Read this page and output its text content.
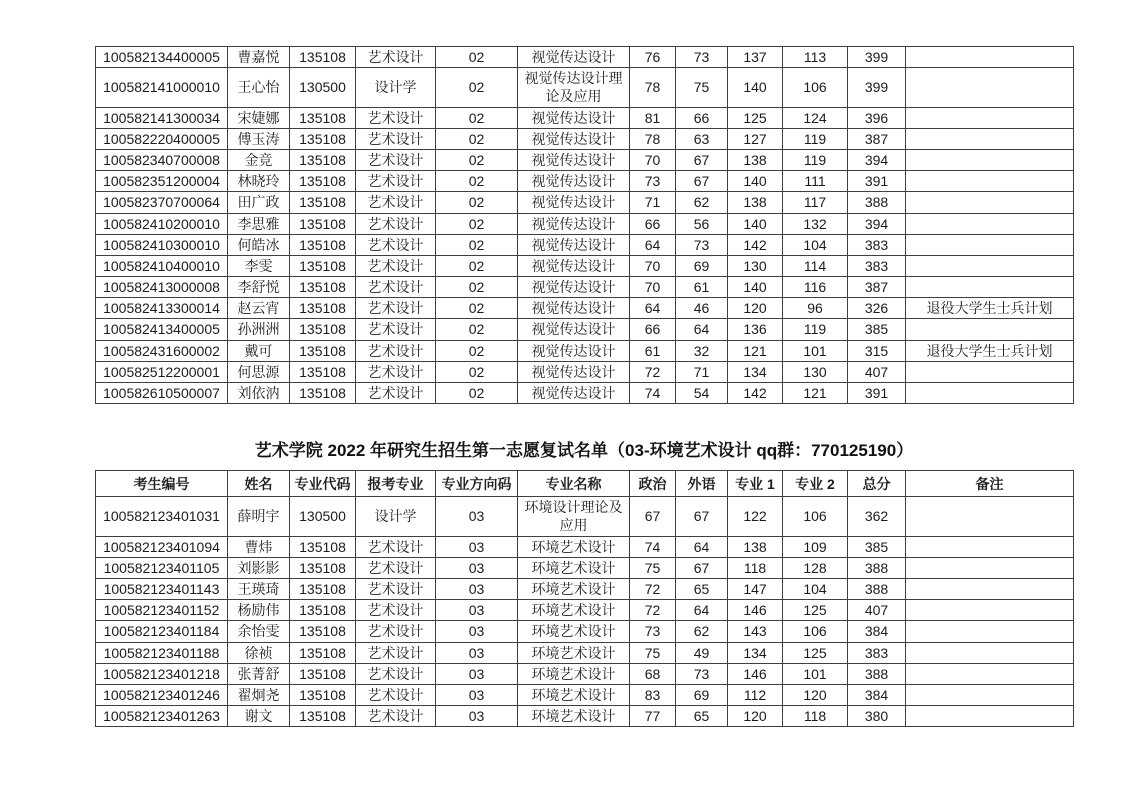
100582134400005	曹嘉悦	135108	艺术设计	02	视觉传达设计	76	73	137	113	399	
100582141000010	王心怡	130500	设计学	02	视觉传达设计理论及应用	78	75	140	106	399	
100582141300034	宋婕娜	135108	艺术设计	02	视觉传达设计	81	66	125	124	396	
100582220400005	傅玉涛	135108	艺术设计	02	视觉传达设计	78	63	127	119	387	
100582340700008	金竞	135108	艺术设计	02	视觉传达设计	70	67	138	119	394	
100582351200004	林晓玲	135108	艺术设计	02	视觉传达设计	73	67	140	111	391	
100582370700064	田广政	135108	艺术设计	02	视觉传达设计	71	62	138	117	388	
100582410200010	李思雅	135108	艺术设计	02	视觉传达设计	66	56	140	132	394	
100582410300010	何皓冰	135108	艺术设计	02	视觉传达设计	64	73	142	104	383	
100582410400010	李雯	135108	艺术设计	02	视觉传达设计	70	69	130	114	383	
100582413000008	李舒悦	135108	艺术设计	02	视觉传达设计	70	61	140	116	387	
100582413300014	赵云宵	135108	艺术设计	02	视觉传达设计	64	46	120	96	326	退役大学生士兵计划
100582413400005	孙洲洲	135108	艺术设计	02	视觉传达设计	66	64	136	119	385	
100582431600002	戴可	135108	艺术设计	02	视觉传达设计	61	32	121	101	315	退役大学生士兵计划
100582512200001	何思源	135108	艺术设计	02	视觉传达设计	72	71	134	130	407	
100582610500007	刘依汭	135108	艺术设计	02	视觉传达设计	74	54	142	121	391	
艺术学院 2022 年研究生招生第一志愿复试名单（03-环境艺术设计 qq群：770125190）
考生编号	姓名	专业代码	报考专业	专业方向码	专业名称	政治	外语	专业 1	专业 2	总分	备注
100582123401031	薛明宇	130500	设计学	03	环境设计理论及应用	67	67	122	106	362	
100582123401094	曹炜	135108	艺术设计	03	环境艺术设计	74	64	138	109	385	
100582123401105	刘影影	135108	艺术设计	03	环境艺术设计	75	67	118	128	388	
100582123401143	王瑛琦	135108	艺术设计	03	环境艺术设计	72	65	147	104	388	
100582123401152	杨励伟	135108	艺术设计	03	环境艺术设计	72	64	146	125	407	
100582123401184	余怡雯	135108	艺术设计	03	环境艺术设计	73	62	143	106	384	
100582123401188	徐祯	135108	艺术设计	03	环境艺术设计	75	49	134	125	383	
100582123401218	张菁舒	135108	艺术设计	03	环境艺术设计	68	73	146	101	388	
100582123401246	翟炯尧	135108	艺术设计	03	环境艺术设计	83	69	112	120	384	
100582123401263	谢文	135108	艺术设计	03	环境艺术设计	77	65	120	118	380	
